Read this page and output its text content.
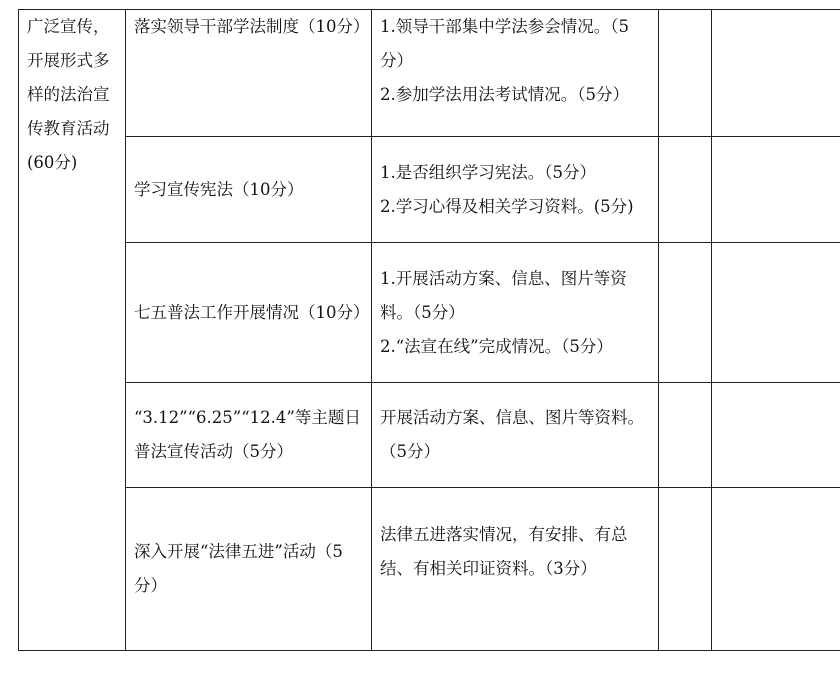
广泛宣传，开展形式多样的法治宣传教育活动(60分)	落实领导干部学法制度（10分）	1.领导干部集中学法参会情况。（5分）
2.参加学法用法考试情况。（5分）		

	学习宣传宪法（10分）	1.是否组织学习宪法。（5分）
2.学习心得及相关学习资料。(5分)		

	七五普法工作开展情况（10分）	1.开展活动方案、信息、图片等资料。（5分）
2.“法宣在线”完成情况。（5分）		

	“3.12”“6.25”“12.4”等主题日普法宣传活动（5分）	开展活动方案、信息、图片等资料。（5分）		

	深入开展“法律五进”活动（5分）	法律五进落实情况，有安排、有总结、有相关印证资料。（3分）		
